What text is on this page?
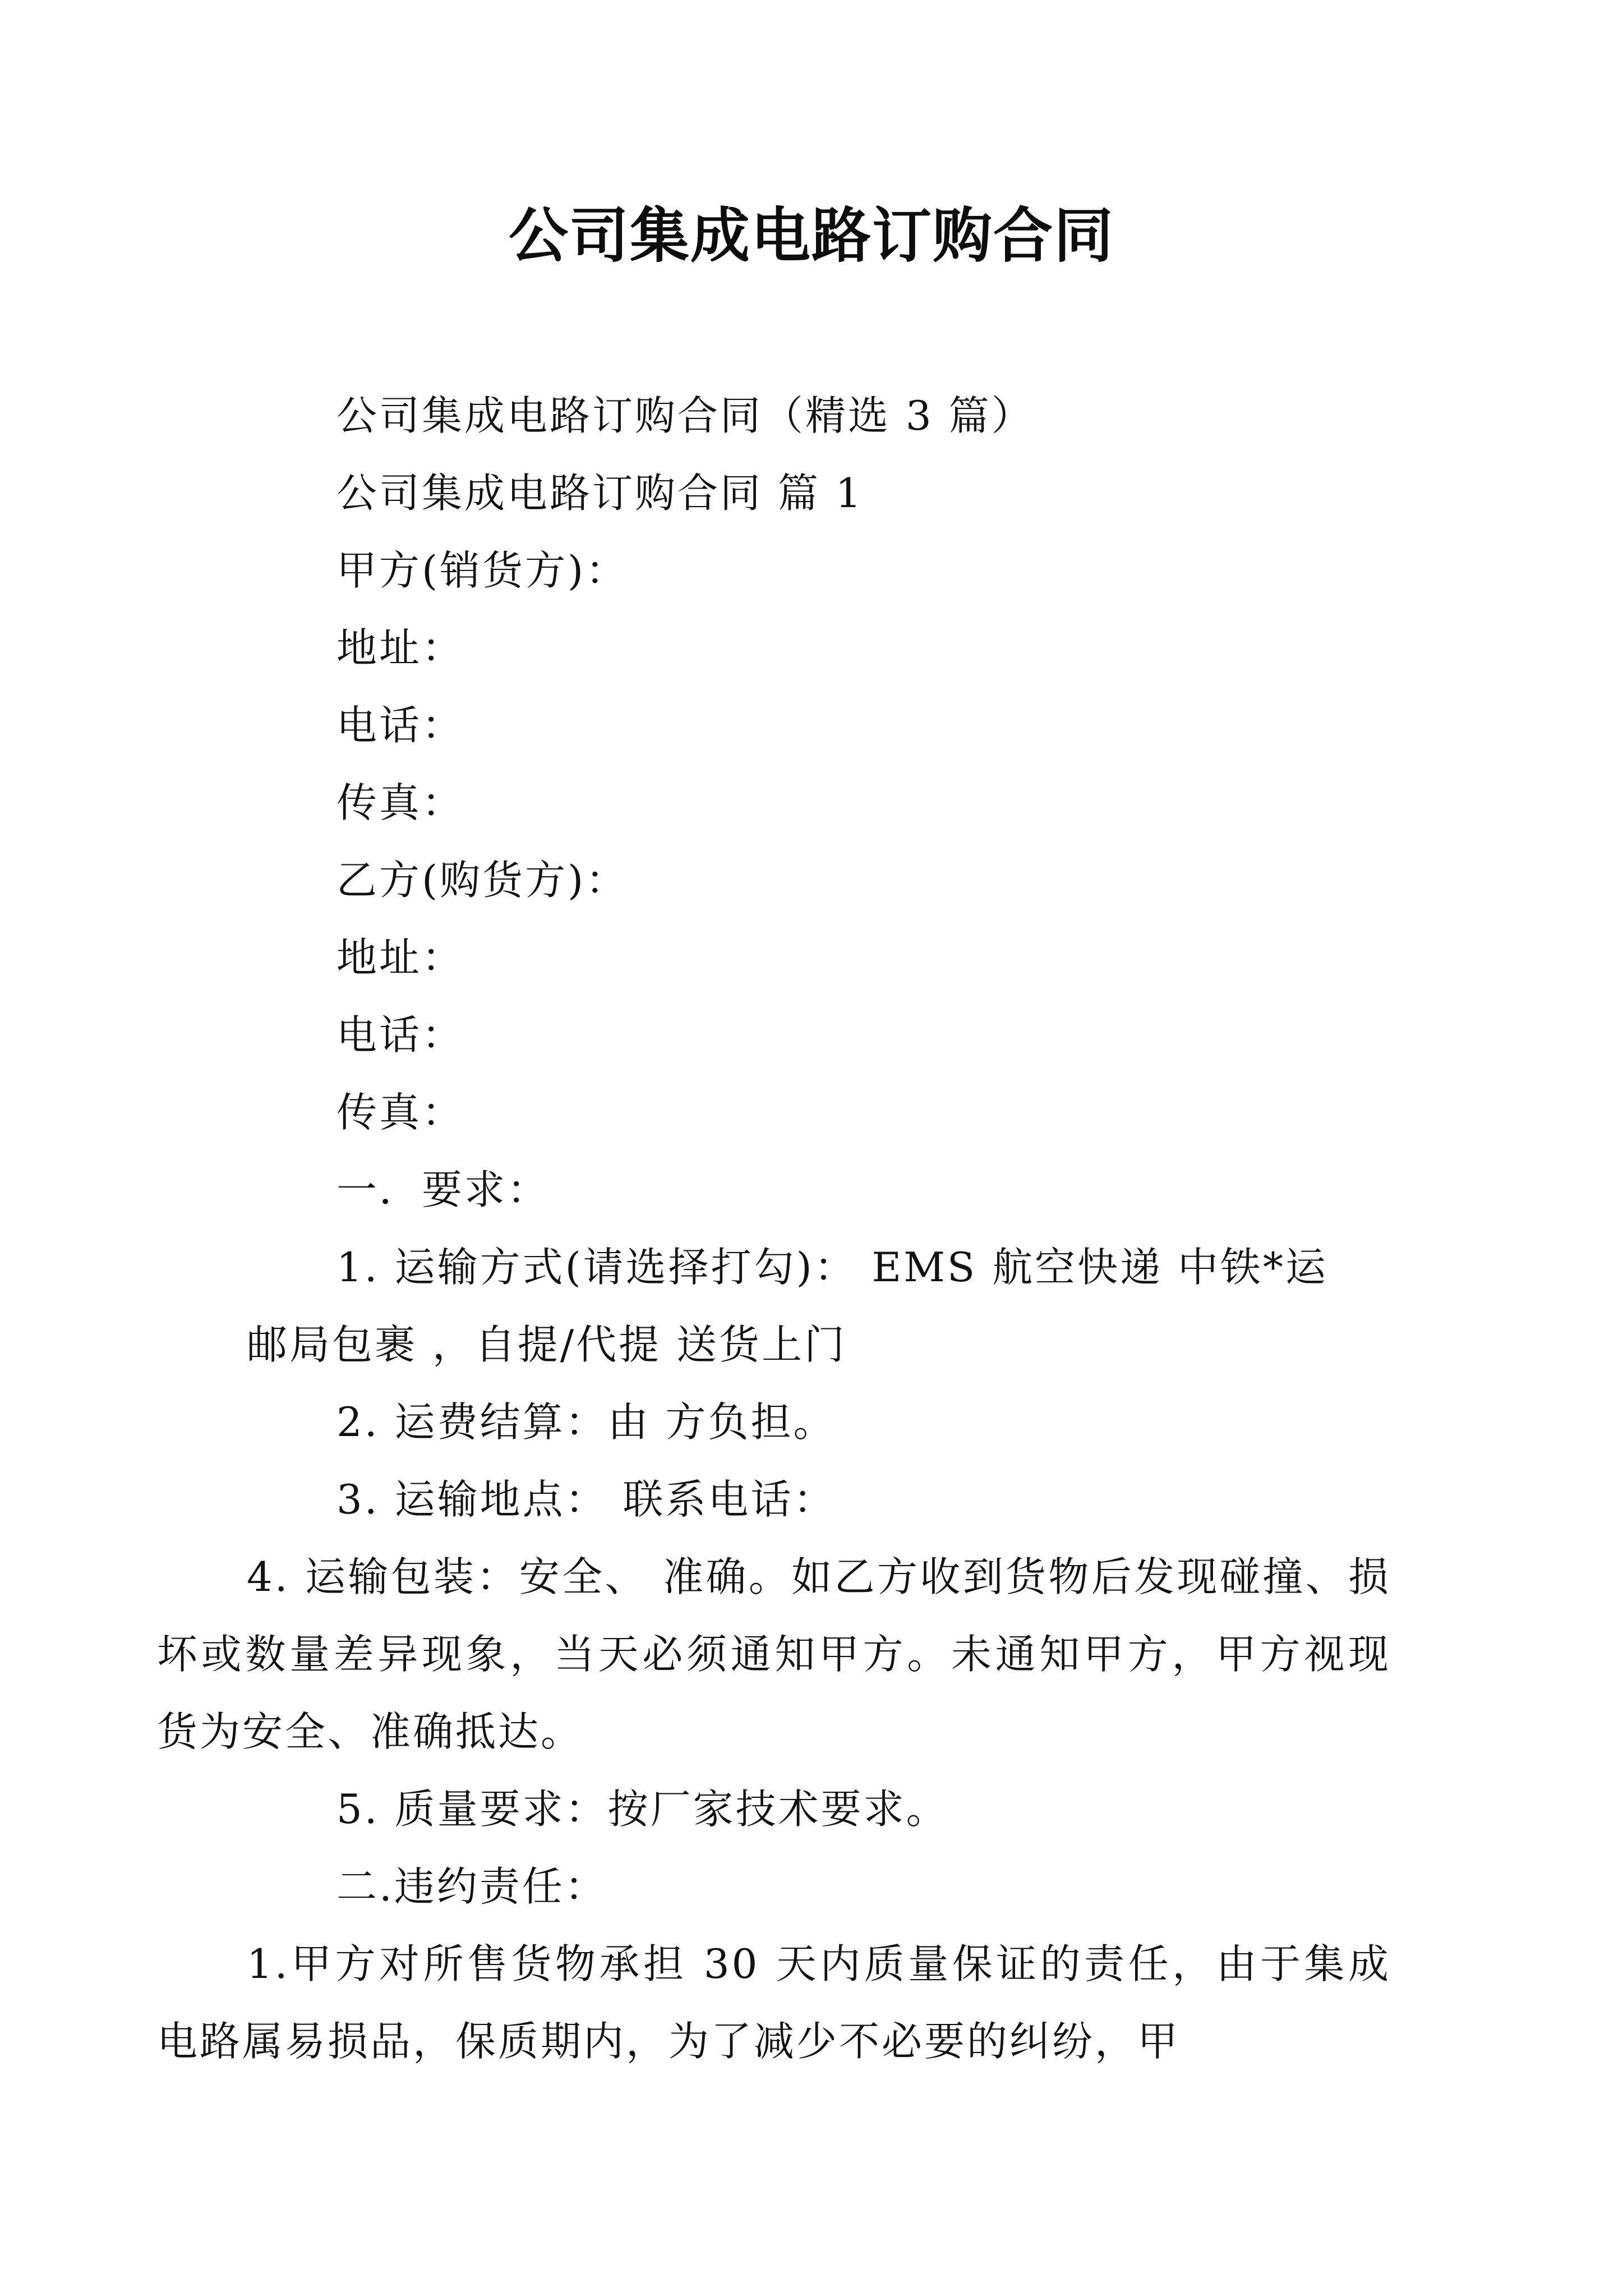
公司集成电路订购合同

公司集成电路订购合同（精选 3 篇）

公司集成电路订购合同 篇 1

甲方(销货方)：

地址：

电话：

传真：

乙方(购货方)：

地址：

电话：

传真：

一．要求：

1. 运输方式(请选择打勾)： EMS 航空快递 中铁*运

邮局包裹 ，自提/代提 送货上门

2. 运费结算：由 方负担。

3. 运输地点： 联系电话：

4. 运输包装：安全、 准确。如乙方收到货物后发现碰撞、损坏或数量差异现象，当天必须通知甲方。未通知甲方，甲方视现货为安全、准确抵达。

5. 质量要求：按厂家技术要求。

二.违约责任：

1.甲方对所售货物承担 30 天内质量保证的责任，由于集成电路属易损品，保质期内，为了减少不必要的纠纷，甲
